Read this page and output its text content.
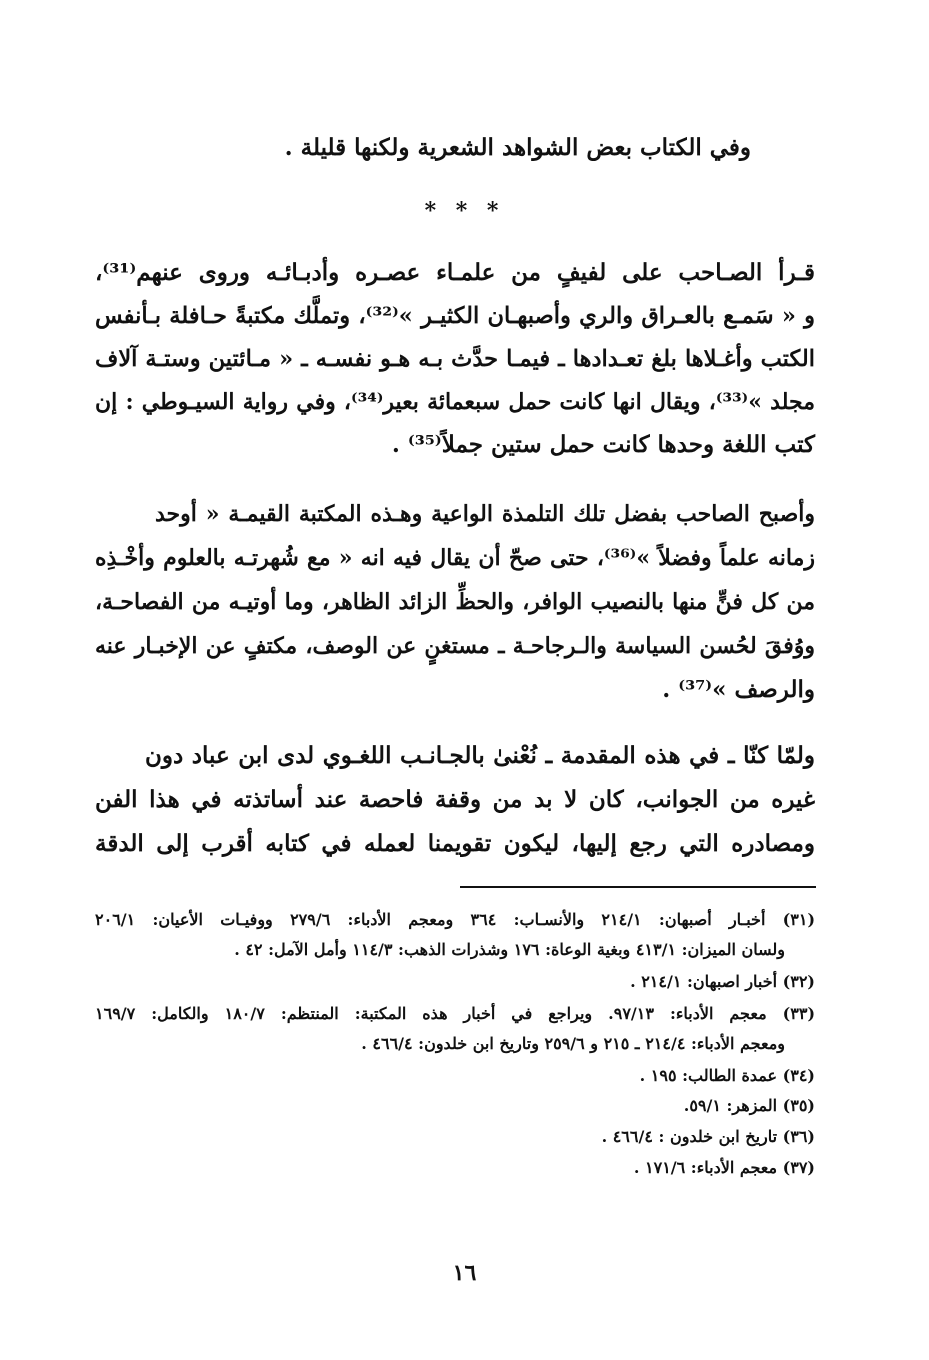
وفي الكتاب بعض الشواهد الشعرية ولكنها قليلة .
* * *
قـرأ الصـاحب على لفيفٍ من علمـاء عصـره وأدبـائـه وروى عنهم⁽³¹⁾،
و « سَمـع بالعـراق والري وأصبهـان الكثيـر »⁽³²⁾، وتملَّك مكتبةً حـافلة بـأنفس
الكتب وأغـلاها بلغ تعـدادها ـ فيمـا حدَّث بـه هـو نفسـه ـ « مـائتين وستـة آلاف
مجلد »⁽³³⁾، ويقال انها كانت حمل سبعمائة بعير⁽³⁴⁾، وفي رواية السيـوطي : إن
كتب اللغة وحدها كانت حمل ستين جملاً⁽³⁵⁾ .
وأصبح الصاحب بفضل تلك التلمذة الواعية وهـذه المكتبة القيمـة « أوحد
زمانه علماً وفضلاً »⁽³⁶⁾، حتى صحّ أن يقال فيه انه « مع شُهرتـه بالعلوم وأخْـذِه
من كل فنٍّ منها بالنصيب الوافر، والحظِّ الزائد الظاهر، وما أوتيـه من الفصاحـة،
ووُفقَ لحُسن السياسة والـرجاحـة ـ مستغنٍ عن الوصف، مكتفٍ عن الإخبـار عنه
والرصف »⁽³⁷⁾ .
ولمّا كنّا ـ في هذه المقدمة ـ نُعْنىٰ بالجـانـب اللغـوي لدى ابن عباد دون
غيره من الجوانب، كان لا بد من وقفة فاحصة عند أساتذته في هذا الفن
ومصادره التي رجع إليها، ليكون تقويمنا لعمله في كتابه أقرب إلى الدقة
(٣١) أخبـار أصبهان: ٢١٤/١ والأنسـاب: ٣٦٤ ومعجم الأدباء: ٢٧٩/٦ ووفيـات الأعيان: ٢٠٦/١
ولسان الميزان: ٤١٣/١ وبغية الوعاة: ١٧٦ وشذرات الذهب: ١١٤/٣ وأمل الآمل: ٤٢ .
(٣٢) أخبار اصبهان: ٢١٤/١ .
(٣٣) معجم الأدباء: ٩٧/١٣. ويراجع في أخبار هذه المكتبة: المنتظم: ١٨٠/٧ والكامل: ١٦٩/٧
ومعجم الأدباء: ٢١٤/٤ ـ ٢١٥ و ٢٥٩/٦ وتاريخ ابن خلدون: ٤٦٦/٤ .
(٣٤) عمدة الطالب: ١٩٥ .
(٣٥) المزهر: ٥٩/١.
(٣٦) تاريخ ابن خلدون : ٤٦٦/٤ .
(٣٧) معجم الأدباء: ١٧١/٦ .
١٦
